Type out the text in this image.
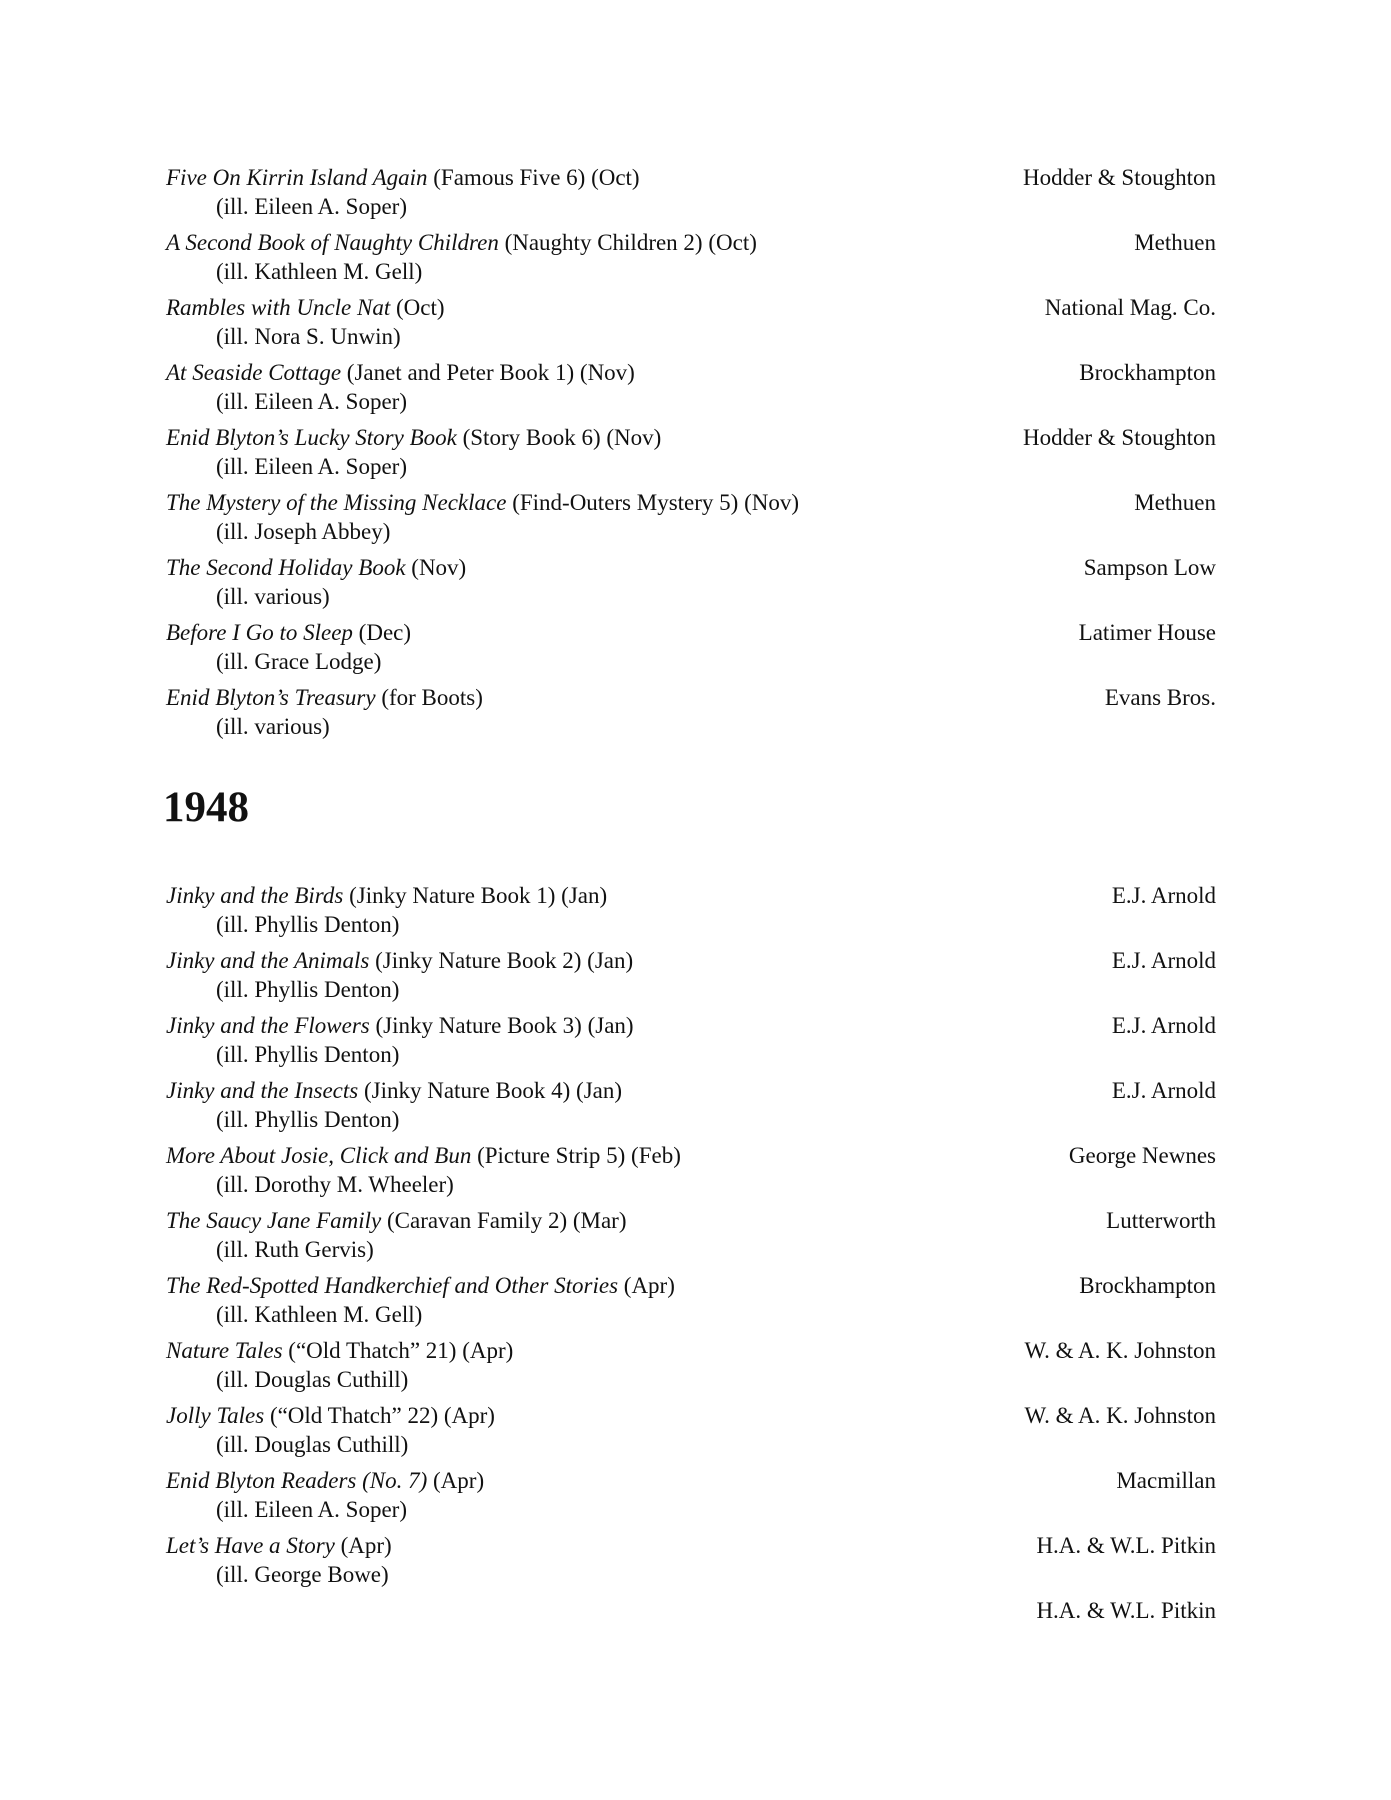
Five On Kirrin Island Again (Famous Five 6) (Oct)	Hodder & Stoughton
(ill. Eileen A. Soper)
A Second Book of Naughty Children (Naughty Children 2) (Oct)	Methuen
(ill. Kathleen M. Gell)
Rambles with Uncle Nat (Oct)	National Mag. Co.
(ill. Nora S. Unwin)
At Seaside Cottage (Janet and Peter Book 1) (Nov)	Brockhampton
(ill. Eileen A. Soper)
Enid Blyton’s Lucky Story Book (Story Book 6) (Nov)	Hodder & Stoughton
(ill. Eileen A. Soper)
The Mystery of the Missing Necklace (Find-Outers Mystery 5) (Nov)	Methuen
(ill. Joseph Abbey)
The Second Holiday Book (Nov)	Sampson Low
(ill. various)
Before I Go to Sleep (Dec)	Latimer House
(ill. Grace Lodge)
Enid Blyton’s Treasury (for Boots)	Evans Bros.
(ill. various)
1948
Jinky and the Birds (Jinky Nature Book 1) (Jan)	E.J. Arnold
(ill. Phyllis Denton)
Jinky and the Animals (Jinky Nature Book 2) (Jan)	E.J. Arnold
(ill. Phyllis Denton)
Jinky and the Flowers (Jinky Nature Book 3) (Jan)	E.J. Arnold
(ill. Phyllis Denton)
Jinky and the Insects (Jinky Nature Book 4) (Jan)	E.J. Arnold
(ill. Phyllis Denton)
More About Josie, Click and Bun (Picture Strip 5) (Feb)	George Newnes
(ill. Dorothy M. Wheeler)
The Saucy Jane Family (Caravan Family 2) (Mar)	Lutterworth
(ill. Ruth Gervis)
The Red-Spotted Handkerchief and Other Stories (Apr)	Brockhampton
(ill. Kathleen M. Gell)
Nature Tales (“Old Thatch” 21) (Apr)	W. & A. K. Johnston
(ill. Douglas Cuthill)
Jolly Tales (“Old Thatch” 22) (Apr)	W. & A. K. Johnston
(ill. Douglas Cuthill)
Enid Blyton Readers (No. 7) (Apr)	Macmillan
(ill. Eileen A. Soper)
Let’s Have a Story (Apr)	H.A. & W.L. Pitkin
(ill. George Bowe)
H.A. & W.L. Pitkin
